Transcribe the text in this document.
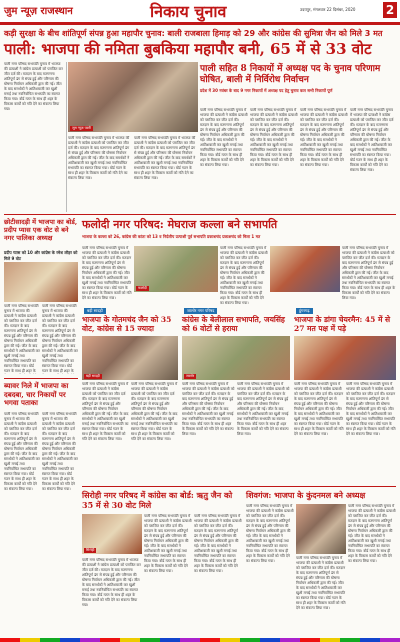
जुम न्यूज़ राजस्थान	निकाय चुनाव	उदयपुर, मंगलवार 22 दिसंबर, 2020	2
कड़ी सुरक्षा के बीच शांतिपूर्ण संपन्न हुआ महापौर चुनाव: बाली राजबाला हिमाड़ को 29 और कांग्रेस की सुमित्रा जैन को मिले 3 मत
पाली: भाजपा की नमिता बुबकिया महापौर बनी, 65 में से 33 वोट
पाली नगर परिषद सभापति चुनाव में भाजपा की प्रत्याशी ने कांग्रेस प्रत्याशी को पराजित कर जीत दर्ज की। मतदान के बाद मतगणना शांतिपूर्ण ढंग से संपन्न हुई और परिणाम की घोषणा निर्वाचन अधिकारी द्वारा की गई। जीत के बाद समर्थकों ने आतिशबाजी कर खुशी मनाई तथा नवनिर्वाचित सभापति का स्वागत किया गया। बोर्ड गठन के साथ ही शहर के विकास कार्यों को गति देने का संकल्प लिया गया।
जुम न्यूज़ पाली
पाली नगर परिषद सभापति चुनाव में भाजपा की प्रत्याशी ने कांग्रेस प्रत्याशी को पराजित कर जीत दर्ज की। मतदान के बाद मतगणना शांतिपूर्ण ढंग से संपन्न हुई और परिणाम की घोषणा निर्वाचन अधिकारी द्वारा की गई। जीत के बाद समर्थकों ने आतिशबाजी कर खुशी मनाई तथा नवनिर्वाचित सभापति का स्वागत किया गया। बोर्ड गठन के साथ ही शहर के विकास कार्यों को गति देने का संकल्प लिया गया।
पाली नगर परिषद सभापति चुनाव में भाजपा की प्रत्याशी ने कांग्रेस प्रत्याशी को पराजित कर जीत दर्ज की। मतदान के बाद मतगणना शांतिपूर्ण ढंग से संपन्न हुई और परिणाम की घोषणा निर्वाचन अधिकारी द्वारा की गई। जीत के बाद समर्थकों ने आतिशबाजी कर खुशी मनाई तथा नवनिर्वाचित सभापति का स्वागत किया गया। बोर्ड गठन के साथ ही शहर के विकास कार्यों को गति देने का संकल्प लिया गया।
पाली सहित 8 निकायों में अध्यक्ष पद के चुनाव परिणाम घोषित, बाली में निर्विरोध निर्वाचन
प्रदेश में 30 नवंबर के बाद 9 नगर निकायों में अध्यक्ष पद हेतु चुनाव कल सभी निकायों पूर्ण
पाली नगर परिषद सभापति चुनाव में भाजपा की प्रत्याशी ने कांग्रेस प्रत्याशी को पराजित कर जीत दर्ज की। मतदान के बाद मतगणना शांतिपूर्ण ढंग से संपन्न हुई और परिणाम की घोषणा निर्वाचन अधिकारी द्वारा की गई। जीत के बाद समर्थकों ने आतिशबाजी कर खुशी मनाई तथा नवनिर्वाचित सभापति का स्वागत किया गया। बोर्ड गठन के साथ ही शहर के विकास कार्यों को गति देने का संकल्प लिया गया।
पाली नगर परिषद सभापति चुनाव में भाजपा की प्रत्याशी ने कांग्रेस प्रत्याशी को पराजित कर जीत दर्ज की। मतदान के बाद मतगणना शांतिपूर्ण ढंग से संपन्न हुई और परिणाम की घोषणा निर्वाचन अधिकारी द्वारा की गई। जीत के बाद समर्थकों ने आतिशबाजी कर खुशी मनाई तथा नवनिर्वाचित सभापति का स्वागत किया गया। बोर्ड गठन के साथ ही शहर के विकास कार्यों को गति देने का संकल्प लिया गया।
पाली नगर परिषद सभापति चुनाव में भाजपा की प्रत्याशी ने कांग्रेस प्रत्याशी को पराजित कर जीत दर्ज की। मतदान के बाद मतगणना शांतिपूर्ण ढंग से संपन्न हुई और परिणाम की घोषणा निर्वाचन अधिकारी द्वारा की गई। जीत के बाद समर्थकों ने आतिशबाजी कर खुशी मनाई तथा नवनिर्वाचित सभापति का स्वागत किया गया। बोर्ड गठन के साथ ही शहर के विकास कार्यों को गति देने का संकल्प लिया गया।
पाली नगर परिषद सभापति चुनाव में भाजपा की प्रत्याशी ने कांग्रेस प्रत्याशी को पराजित कर जीत दर्ज की। मतदान के बाद मतगणना शांतिपूर्ण ढंग से संपन्न हुई और परिणाम की घोषणा निर्वाचन अधिकारी द्वारा की गई। जीत के बाद समर्थकों ने आतिशबाजी कर खुशी मनाई तथा नवनिर्वाचित सभापति का स्वागत किया गया। बोर्ड गठन के साथ ही शहर के विकास कार्यों को गति देने का संकल्प लिया गया।
छोटीसादड़ी में भाजपा का बोर्ड, प्रदीप प्यास एक वोट से बने नगर पालिका अध्यक्ष
प्रदीप प्यास को 10 और कांग्रेस के रमेश लौहर को मिले 9 वोट
पाली नगर परिषद सभापति चुनाव में भाजपा की प्रत्याशी ने कांग्रेस प्रत्याशी को पराजित कर जीत दर्ज की। मतदान के बाद मतगणना शांतिपूर्ण ढंग से संपन्न हुई और परिणाम की घोषणा निर्वाचन अधिकारी द्वारा की गई। जीत के बाद समर्थकों ने आतिशबाजी कर खुशी मनाई तथा नवनिर्वाचित सभापति का स्वागत किया गया। बोर्ड गठन के साथ ही शहर के
पाली नगर परिषद सभापति चुनाव में भाजपा की प्रत्याशी ने कांग्रेस प्रत्याशी को पराजित कर जीत दर्ज की। मतदान के बाद मतगणना शांतिपूर्ण ढंग से संपन्न हुई और परिणाम की घोषणा निर्वाचन अधिकारी द्वारा की गई। जीत के बाद समर्थकों ने आतिशबाजी कर खुशी मनाई तथा नवनिर्वाचित सभापति का स्वागत किया गया। बोर्ड गठन के साथ ही शहर के
फलोदी नगर परिषद: मेघराज कल्ला बने सभापति
भाजपा के कल्ला को 26, कांग्रेस की कांता को 13 व निर्दलीय प्रत्याशी पूर्व सभापति प्रकाशचंद प्रकाशचंद को मिला 1 मत
पाली नगर परिषद सभापति चुनाव में भाजपा की प्रत्याशी ने कांग्रेस प्रत्याशी को पराजित कर जीत दर्ज की। मतदान के बाद मतगणना शांतिपूर्ण ढंग से संपन्न हुई और परिणाम की घोषणा निर्वाचन अधिकारी द्वारा की गई। जीत के बाद समर्थकों ने आतिशबाजी कर खुशी मनाई तथा नवनिर्वाचित सभापति का स्वागत किया गया। बोर्ड गठन के साथ ही शहर के विकास कार्यों को गति देने का संकल्प लिया गया।
फलोदी
पाली नगर परिषद सभापति चुनाव में भाजपा की प्रत्याशी ने कांग्रेस प्रत्याशी को पराजित कर जीत दर्ज की। मतदान के बाद मतगणना शांतिपूर्ण ढंग से संपन्न हुई और परिणाम की घोषणा निर्वाचन अधिकारी द्वारा की गई। जीत के बाद समर्थकों ने आतिशबाजी कर खुशी मनाई तथा नवनिर्वाचित सभापति का स्वागत किया गया। बोर्ड गठन के साथ ही शहर के विकास कार्यों को गति देने का संकल्प लिया गया।
पाली नगर परिषद सभापति चुनाव में भाजपा की प्रत्याशी ने कांग्रेस प्रत्याशी को पराजित कर जीत दर्ज की। मतदान के बाद मतगणना शांतिपूर्ण ढंग से संपन्न हुई और परिणाम की घोषणा निर्वाचन अधिकारी द्वारा की गई। जीत के बाद समर्थकों ने आतिशबाजी कर खुशी मनाई तथा नवनिर्वाचित सभापति का स्वागत किया गया। बोर्ड गठन के साथ ही शहर के विकास कार्यों को गति देने का संकल्प लिया गया।
बड़ी सादड़ी
भाजपा के गोतमचंद जैन को 35 वोट, कांग्रेस से 15 ज्यादा
बड़ी सादड़ी
पाली नगर परिषद सभापति चुनाव में भाजपा की प्रत्याशी ने कांग्रेस प्रत्याशी को पराजित कर जीत दर्ज की। मतदान के बाद मतगणना शांतिपूर्ण ढंग से संपन्न हुई और परिणाम की घोषणा निर्वाचन अधिकारी द्वारा की गई। जीत के बाद समर्थकों ने आतिशबाजी कर खुशी मनाई तथा नवनिर्वाचित सभापति का स्वागत किया गया। बोर्ड गठन के साथ ही शहर के विकास कार्यों को गति देने का संकल्प लिया गया।
पाली नगर परिषद सभापति चुनाव में भाजपा की प्रत्याशी ने कांग्रेस प्रत्याशी को पराजित कर जीत दर्ज की। मतदान के बाद मतगणना शांतिपूर्ण ढंग से संपन्न हुई और परिणाम की घोषणा निर्वाचन अधिकारी द्वारा की गई। जीत के बाद समर्थकों ने आतिशबाजी कर खुशी मनाई तथा नवनिर्वाचित सभापति का स्वागत किया गया। बोर्ड गठन के साथ ही शहर के विकास कार्यों को गति देने का संकल्प लिया गया।
जालोर नगर परिषद
कांग्रेस के बेलीलाल सभापति, जयसिंह को 6 वोटों से हराया
जालोर
पाली नगर परिषद सभापति चुनाव में भाजपा की प्रत्याशी ने कांग्रेस प्रत्याशी को पराजित कर जीत दर्ज की। मतदान के बाद मतगणना शांतिपूर्ण ढंग से संपन्न हुई और परिणाम की घोषणा निर्वाचन अधिकारी द्वारा की गई। जीत के बाद समर्थकों ने आतिशबाजी कर खुशी मनाई तथा नवनिर्वाचित सभापति का स्वागत किया गया। बोर्ड गठन के साथ ही शहर के विकास कार्यों को गति देने का संकल्प लिया गया।
पाली नगर परिषद सभापति चुनाव में भाजपा की प्रत्याशी ने कांग्रेस प्रत्याशी को पराजित कर जीत दर्ज की। मतदान के बाद मतगणना शांतिपूर्ण ढंग से संपन्न हुई और परिणाम की घोषणा निर्वाचन अधिकारी द्वारा की गई। जीत के बाद समर्थकों ने आतिशबाजी कर खुशी मनाई तथा नवनिर्वाचित सभापति का स्वागत किया गया। बोर्ड गठन के साथ ही शहर के विकास कार्यों को गति देने का संकल्प लिया गया।
डूंगरगढ़
भाजपा के डांगा चेयरमैन: 45 में से 27 मत पक्ष में पड़े
पाली नगर परिषद सभापति चुनाव में भाजपा की प्रत्याशी ने कांग्रेस प्रत्याशी को पराजित कर जीत दर्ज की। मतदान के बाद मतगणना शांतिपूर्ण ढंग से संपन्न हुई और परिणाम की घोषणा निर्वाचन अधिकारी द्वारा की गई। जीत के बाद समर्थकों ने आतिशबाजी कर खुशी मनाई तथा नवनिर्वाचित सभापति का स्वागत किया गया। बोर्ड गठन के साथ ही शहर के विकास कार्यों को गति देने का संकल्प लिया गया।
पाली नगर परिषद सभापति चुनाव में भाजपा की प्रत्याशी ने कांग्रेस प्रत्याशी को पराजित कर जीत दर्ज की। मतदान के बाद मतगणना शांतिपूर्ण ढंग से संपन्न हुई और परिणाम की घोषणा निर्वाचन अधिकारी द्वारा की गई। जीत के बाद समर्थकों ने आतिशबाजी कर खुशी मनाई तथा नवनिर्वाचित सभापति का स्वागत किया गया। बोर्ड गठन के साथ ही शहर के विकास कार्यों को गति देने का संकल्प लिया गया।
ब्यावर निले में भाजपा का दबदबा, चार निकायों पर भगवा पताका
पाली नगर परिषद सभापति चुनाव में भाजपा की प्रत्याशी ने कांग्रेस प्रत्याशी को पराजित कर जीत दर्ज की। मतदान के बाद मतगणना शांतिपूर्ण ढंग से संपन्न हुई और परिणाम की घोषणा निर्वाचन अधिकारी द्वारा की गई। जीत के बाद समर्थकों ने आतिशबाजी कर खुशी मनाई तथा नवनिर्वाचित सभापति का स्वागत किया गया। बोर्ड गठन के साथ ही शहर के विकास कार्यों को गति देने का संकल्प लिया गया।
पाली नगर परिषद सभापति चुनाव में भाजपा की प्रत्याशी ने कांग्रेस प्रत्याशी को पराजित कर जीत दर्ज की। मतदान के बाद मतगणना शांतिपूर्ण ढंग से संपन्न हुई और परिणाम की घोषणा निर्वाचन अधिकारी द्वारा की गई। जीत के बाद समर्थकों ने आतिशबाजी कर खुशी मनाई तथा नवनिर्वाचित सभापति का स्वागत किया गया। बोर्ड गठन के साथ ही शहर के विकास कार्यों को गति देने का संकल्प लिया गया।
सिरोही नगर परिषद में कांग्रेस का बोर्ड: ऋतु जैन को 35 में से 30 वोट मिले
सिरोही
पाली नगर परिषद सभापति चुनाव में भाजपा की प्रत्याशी ने कांग्रेस प्रत्याशी को पराजित कर जीत दर्ज की। मतदान के बाद मतगणना शांतिपूर्ण ढंग से संपन्न हुई और परिणाम की घोषणा निर्वाचन अधिकारी द्वारा की गई। जीत के बाद समर्थकों ने आतिशबाजी कर खुशी मनाई तथा नवनिर्वाचित सभापति का स्वागत किया गया। बोर्ड गठन के साथ ही शहर के विकास कार्यों को गति देने का संकल्प लिया गया।
पाली नगर परिषद सभापति चुनाव में भाजपा की प्रत्याशी ने कांग्रेस प्रत्याशी को पराजित कर जीत दर्ज की। मतदान के बाद मतगणना शांतिपूर्ण ढंग से संपन्न हुई और परिणाम की घोषणा निर्वाचन अधिकारी द्वारा की गई। जीत के बाद समर्थकों ने आतिशबाजी कर खुशी मनाई तथा नवनिर्वाचित सभापति का स्वागत किया गया। बोर्ड गठन के साथ ही शहर के विकास कार्यों को गति देने का संकल्प लिया गया।
पाली नगर परिषद सभापति चुनाव में भाजपा की प्रत्याशी ने कांग्रेस प्रत्याशी को पराजित कर जीत दर्ज की। मतदान के बाद मतगणना शांतिपूर्ण ढंग से संपन्न हुई और परिणाम की घोषणा निर्वाचन अधिकारी द्वारा की गई। जीत के बाद समर्थकों ने आतिशबाजी कर खुशी मनाई तथा नवनिर्वाचित सभापति का स्वागत किया गया। बोर्ड गठन के साथ ही शहर के विकास कार्यों को गति देने का संकल्प लिया गया।
शिवगंज: भाजपा के कुंदनमल बने अध्यक्ष
पाली नगर परिषद सभापति चुनाव में भाजपा की प्रत्याशी ने कांग्रेस प्रत्याशी को पराजित कर जीत दर्ज की। मतदान के बाद मतगणना शांतिपूर्ण ढंग से संपन्न हुई और परिणाम की घोषणा निर्वाचन अधिकारी द्वारा की गई। जीत के बाद समर्थकों ने आतिशबाजी कर खुशी मनाई तथा नवनिर्वाचित सभापति का स्वागत किया गया। बोर्ड गठन के साथ ही शहर के विकास कार्यों को गति देने का संकल्प लिया गया।
पाली नगर परिषद सभापति चुनाव में भाजपा की प्रत्याशी ने कांग्रेस प्रत्याशी को पराजित कर जीत दर्ज की। मतदान के बाद मतगणना शांतिपूर्ण ढंग से संपन्न हुई और परिणाम की घोषणा निर्वाचन अधिकारी द्वारा की गई। जीत के बाद समर्थकों ने आतिशबाजी कर खुशी मनाई तथा नवनिर्वाचित सभापति का स्वागत किया गया। बोर्ड गठन के साथ ही शहर के विकास कार्यों को गति देने का संकल्प लिया गया।
पाली नगर परिषद सभापति चुनाव में भाजपा की प्रत्याशी ने कांग्रेस प्रत्याशी को पराजित कर जीत दर्ज की। मतदान के बाद मतगणना शांतिपूर्ण ढंग से संपन्न हुई और परिणाम की घोषणा निर्वाचन अधिकारी द्वारा की गई। जीत के बाद समर्थकों ने आतिशबाजी कर खुशी मनाई तथा नवनिर्वाचित सभापति का स्वागत किया गया। बोर्ड गठन के साथ ही शहर के विकास कार्यों को गति देने का संकल्प लिया गया।
